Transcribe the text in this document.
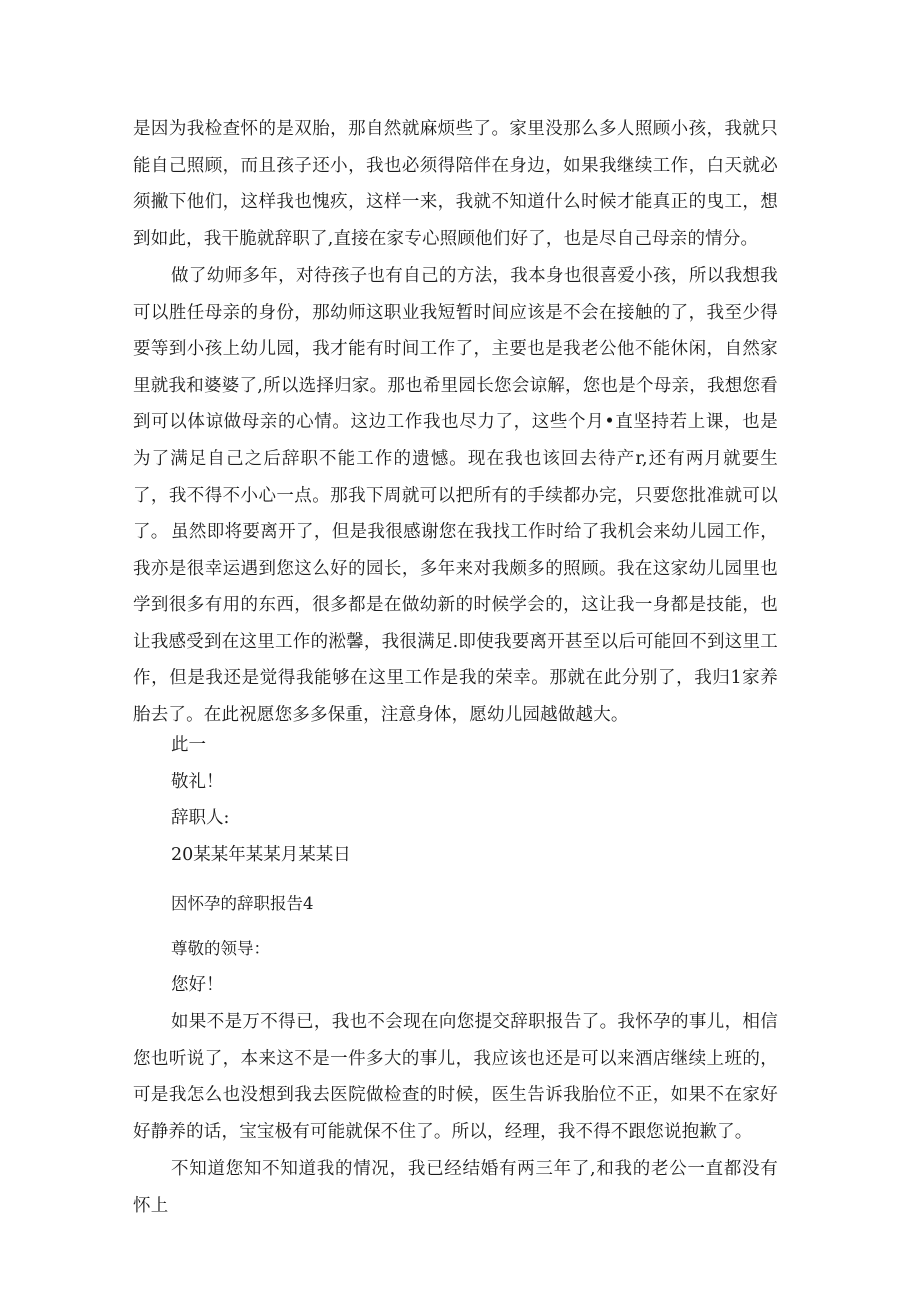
是因为我检查怀的是双胎，那自然就麻烦些了。家里没那么多人照顾小孩，我就只能自己照顾，而且孩子还小，我也必须得陪伴在身边，如果我继续工作，白天就必须撇下他们，这样我也愧疚，这样一来，我就不知道什么时候才能真正的曳工，想到如此，我干脆就辞职了,直接在家专心照顾他们好了，也是尽自己母亲的情分。

做了幼师多年，对待孩子也有自己的方法，我本身也很喜爱小孩，所以我想我可以胜任母亲的身份，那幼师这职业我短暂时间应该是不会在接触的了，我至少得要等到小孩上幼儿园，我才能有时间工作了，主要也是我老公他不能休闲，自然家里就我和婆婆了,所以选择归家。那也希里园长您会谅解，您也是个母亲，我想您看到可以体谅做母亲的心情。这边工作我也尽力了，这些个月•直坚持若上课，也是为了满足自己之后辞职不能工作的遗憾。现在我也该回去待产r,还有两月就要生了，我不得不小心一点。那我下周就可以把所有的手续都办完，只要您批准就可以了。 虽然即将要离开了，但是我很感谢您在我找工作时给了我机会来幼儿园工作，我亦是很幸运遇到您这么好的园长，多年来对我颇多的照顾。我在这家幼儿园里也学到很多有用的东西，很多都是在做幼新的时候学会的，这让我一身都是技能，也让我感受到在这里工作的淞馨，我很满足.即使我要离开甚至以后可能回不到这里工作，但是我还是觉得我能够在这里工作是我的荣幸。那就在此分别了，我归1家养胎去了。在此祝愿您多多保重，注意身体，愿幼儿园越做越大。

此一

敬礼！

辞职人:

20某某年某某月某某日

因怀孕的辞职报告4

尊敬的领导：

您好！

如果不是万不得已，我也不会现在向您提交辞职报告了。我怀孕的事儿，相信您也听说了，本来这不是一件多大的事儿，我应该也还是可以来酒店继续上班的，可是我怎么也没想到我去医院做检查的时候，医生告诉我胎位不正，如果不在家好好静养的话，宝宝极有可能就保不住了。所以，经理，我不得不跟您说抱歉了。

不知道您知不知道我的情况，我已经结婚有两三年了,和我的老公一直都没有怀上
